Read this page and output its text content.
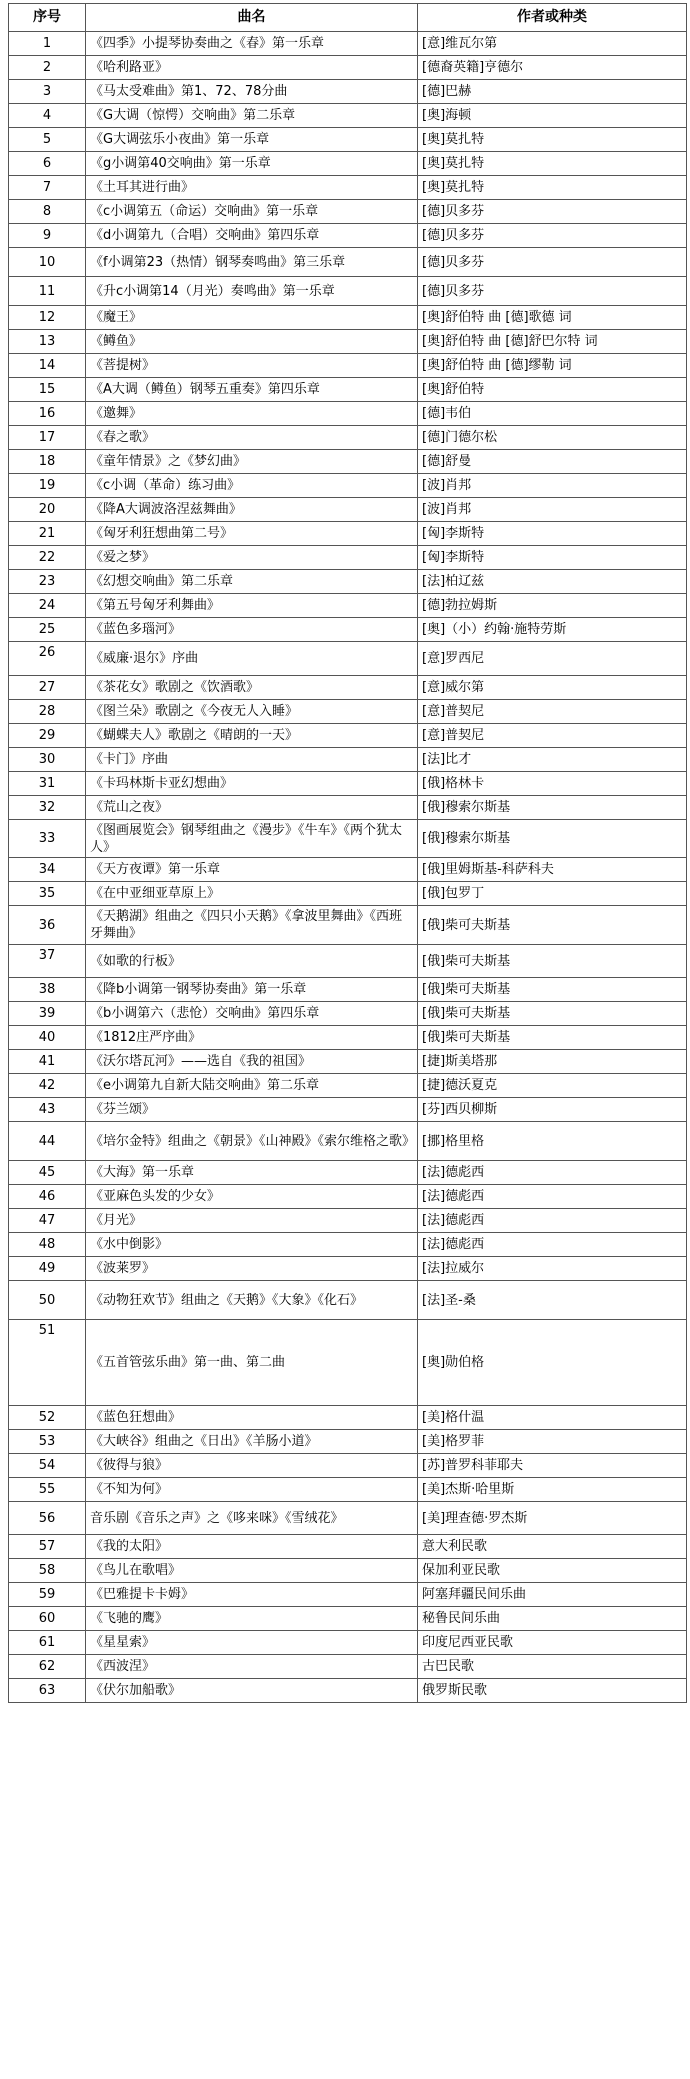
序号	曲名	作者或种类
1	《四季》小提琴协奏曲之《春》第一乐章	[意]维瓦尔第
2	《哈利路亚》	[德裔英籍]亨德尔
3	《马太受难曲》第1、72、78分曲	[德]巴赫
4	《G大调（惊愕）交响曲》第二乐章	[奥]海顿
5	《G大调弦乐小夜曲》第一乐章	[奥]莫扎特
6	《g小调第40交响曲》第一乐章	[奥]莫扎特
7	《土耳其进行曲》	[奥]莫扎特
8	《c小调第五（命运）交响曲》第一乐章	[德]贝多芬
9	《d小调第九（合唱）交响曲》第四乐章	[德]贝多芬
10	《f小调第23（热情）钢琴奏鸣曲》第三乐章	[德]贝多芬
11	《升c小调第14（月光）奏鸣曲》第一乐章	[德]贝多芬
12	《魔王》	[奥]舒伯特 曲 [德]歌德 词
13	《鳟鱼》	[奥]舒伯特 曲 [德]舒巴尔特 词
14	《菩提树》	[奥]舒伯特 曲 [德]缪勒 词
15	《A大调（鳟鱼）钢琴五重奏》第四乐章	[奥]舒伯特
16	《邀舞》	[德]韦伯
17	《春之歌》	[德]门德尔松
18	《童年情景》之《梦幻曲》	[德]舒曼
19	《c小调（革命）练习曲》	[波]肖邦
20	《降A大调波洛涅兹舞曲》	[波]肖邦
21	《匈牙利狂想曲第二号》	[匈]李斯特
22	《爱之梦》	[匈]李斯特
23	《幻想交响曲》第二乐章	[法]柏辽兹
24	《第五号匈牙利舞曲》	[德]勃拉姆斯
25	《蓝色多瑙河》	[奥]（小）约翰·施特劳斯
26	《威廉·退尔》序曲	[意]罗西尼
27	《茶花女》歌剧之《饮酒歌》	[意]威尔第
28	《图兰朵》歌剧之《今夜无人入睡》	[意]普契尼
29	《蝴蝶夫人》歌剧之《晴朗的一天》	[意]普契尼
30	《卡门》序曲	[法]比才
31	《卡玛林斯卡亚幻想曲》	[俄]格林卡
32	《荒山之夜》	[俄]穆索尔斯基
33	《图画展览会》钢琴组曲之《漫步》《牛车》《两个犹太人》	[俄]穆索尔斯基
34	《天方夜谭》第一乐章	[俄]里姆斯基-科萨科夫
35	《在中亚细亚草原上》	[俄]包罗丁
36	《天鹅湖》组曲之《四只小天鹅》《拿波里舞曲》《西班牙舞曲》	[俄]柴可夫斯基
37	《如歌的行板》	[俄]柴可夫斯基
38	《降b小调第一钢琴协奏曲》第一乐章	[俄]柴可夫斯基
39	《b小调第六（悲怆）交响曲》第四乐章	[俄]柴可夫斯基
40	《1812庄严序曲》	[俄]柴可夫斯基
41	《沃尔塔瓦河》——选自《我的祖国》	[捷]斯美塔那
42	《e小调第九自新大陆交响曲》第二乐章	[捷]德沃夏克
43	《芬兰颂》	[芬]西贝柳斯
44	《培尔金特》组曲之《朝景》《山神殿》《索尔维格之歌》	[挪]格里格
45	《大海》第一乐章	[法]德彪西
46	《亚麻色头发的少女》	[法]德彪西
47	《月光》	[法]德彪西
48	《水中倒影》	[法]德彪西
49	《波莱罗》	[法]拉威尔
50	《动物狂欢节》组曲之《天鹅》《大象》《化石》	[法]圣-桑
51	《五首管弦乐曲》第一曲、第二曲	[奥]勋伯格
52	《蓝色狂想曲》	[美]格什温
53	《大峡谷》组曲之《日出》《羊肠小道》	[美]格罗菲
54	《彼得与狼》	[苏]普罗科菲耶夫
55	《不知为何》	[美]杰斯·哈里斯
56	音乐剧《音乐之声》之《哆来咪》《雪绒花》	[美]理查德·罗杰斯
57	《我的太阳》	意大利民歌
58	《鸟儿在歌唱》	保加利亚民歌
59	《巴雅提卡卡姆》	阿塞拜疆民间乐曲
60	《飞驰的鹰》	秘鲁民间乐曲
61	《星星索》	印度尼西亚民歌
62	《西波涅》	古巴民歌
63	《伏尔加船歌》	俄罗斯民歌
